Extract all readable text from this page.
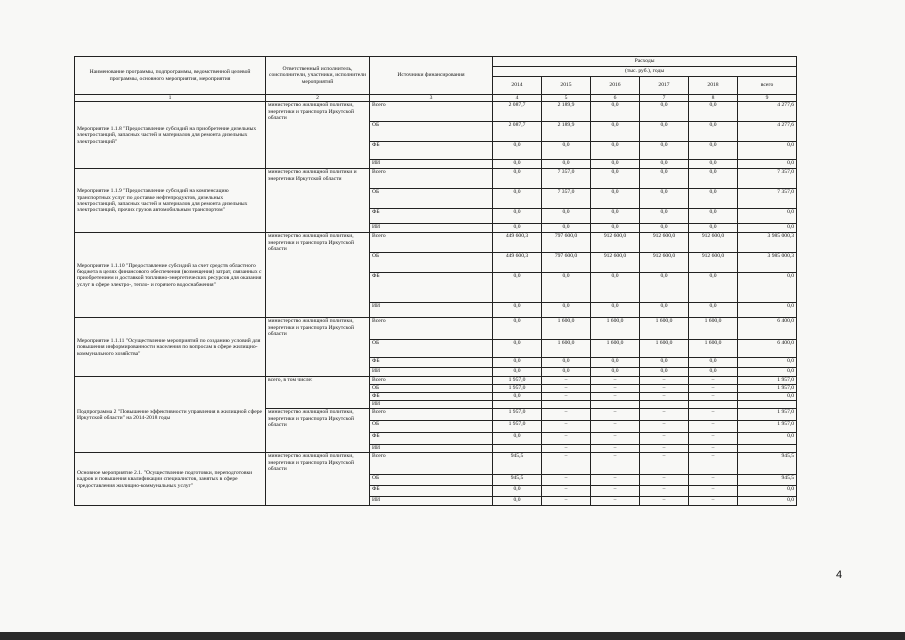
Наименование программы, подпрограммы, ведомственной целевой программы, основного мероприятия, мероприятия	Ответственный исполнитель, соисполнители, участники, исполнители мероприятий	Источники финансирования	Расходы					
			(тыс. руб.), годы					
			2014	2015	2016	2017	2018	всего
1	2	3	4	5	6	7	8	9
Мероприятие 1.1.8 "Предоставление субсидий на приобретение дизельных электростанций, запасных частей и материалов для ремонта дизельных электростанций"	министерство жилищной политики, энергетики и транспорта Иркутской области	Всего	2 087,7	2 189,9	0,0	0,0	0,0	4 277,6
		ОБ	2 087,7	2 189,9	0,0	0,0	0,0	4 277,6
		ФБ	0,0	0,0	0,0	0,0	0,0	0,0
		ИИ	0,0	0,0	0,0	0,0	0,0	0,0
Мероприятие 1.1.9 "Предоставление субсидий на компенсацию транспортных услуг по доставке нефтепродуктов, дизельных электростанций, запасных частей и материалов для ремонта дизельных электростанций, прочих грузов автомобильным транспортом"	министерство жилищной политики и энергетики Иркутской области	Всего	0,0	7 357,0	0,0	0,0	0,0	7 357,0
		ОБ	0,0	7 357,0	0,0	0,0	0,0	7 357,0
		ФБ	0,0	0,0	0,0	0,0	0,0	0,0
		ИИ	0,0	0,0	0,0	0,0	0,0	0,0
Мероприятие 1.1.10 "Предоставление субсидий за счет средств областного бюджета в целях финансового обеспечения (возмещения) затрат, связанных с приобретением и доставкой топливно-энергетических ресурсов для оказания услуг в сфере электро-, тепло- и горячего водоснабжения"	министерство жилищной политики, энергетики и транспорта Иркутской области	Всего	449 600,3	797 600,0	912 600,0	912 600,0	912 600,0	3 985 000,3
		ОБ	449 600,3	797 600,0	912 600,0	912 600,0	912 600,0	3 985 000,3
		ФБ	0,0	0,0	0,0	0,0	0,0	0,0
		ИИ	0,0	0,0	0,0	0,0	0,0	0,0
Мероприятие 1.1.11 "Осуществление мероприятий по созданию условий для повышения информированности населения по вопросам в сфере жилищно-коммунального хозяйства"	министерство жилищной политики, энергетики и транспорта Иркутской области	Всего	0,0	1 600,0	1 600,0	1 600,0	1 600,0	6 400,0
		ОБ	0,0	1 600,0	1 600,0	1 600,0	1 600,0	6 400,0
		ФБ	0,0	0,0	0,0	0,0	0,0	0,0
		ИИ	0,0	0,0	0,0	0,0	0,0	0,0
Подпрограмма 2 "Повышение эффективности управления в жилищной сфере Иркутской области" на 2014-2018 годы	всего, в том числе:	Всего	1 957,0	–	–	–	–	1 957,0
		ОБ	1 957,0	–	–	–	–	1 957,0
		ФБ	0,0	–	–	–	–	0,0
		ИИ						
	министерство жилищной политики, энергетики и транспорта Иркутской области	Всего	1 957,0	–	–	–	–	1 957,0
		ОБ	1 957,0	–	–	–	–	1 957,0
		ФБ	0,0	–	–	–	–	0,0
		ИИ		–	–	–	–	
Основное мероприятие 2.1. "Осуществление подготовки, переподготовки кадров и повышения квалификации специалистов, занятых в сфере предоставления жилищно-коммунальных услуг"	министерство жилищной политики, энергетики и транспорта Иркутской области	Всего	945,5	–	–	–	–	945,5
		ОБ	945,5	–	–	–	–	945,5
		ФБ	0,0	–	–	–	–	0,0
		ИИ	0,0	–	–	–	–	0,0
4
